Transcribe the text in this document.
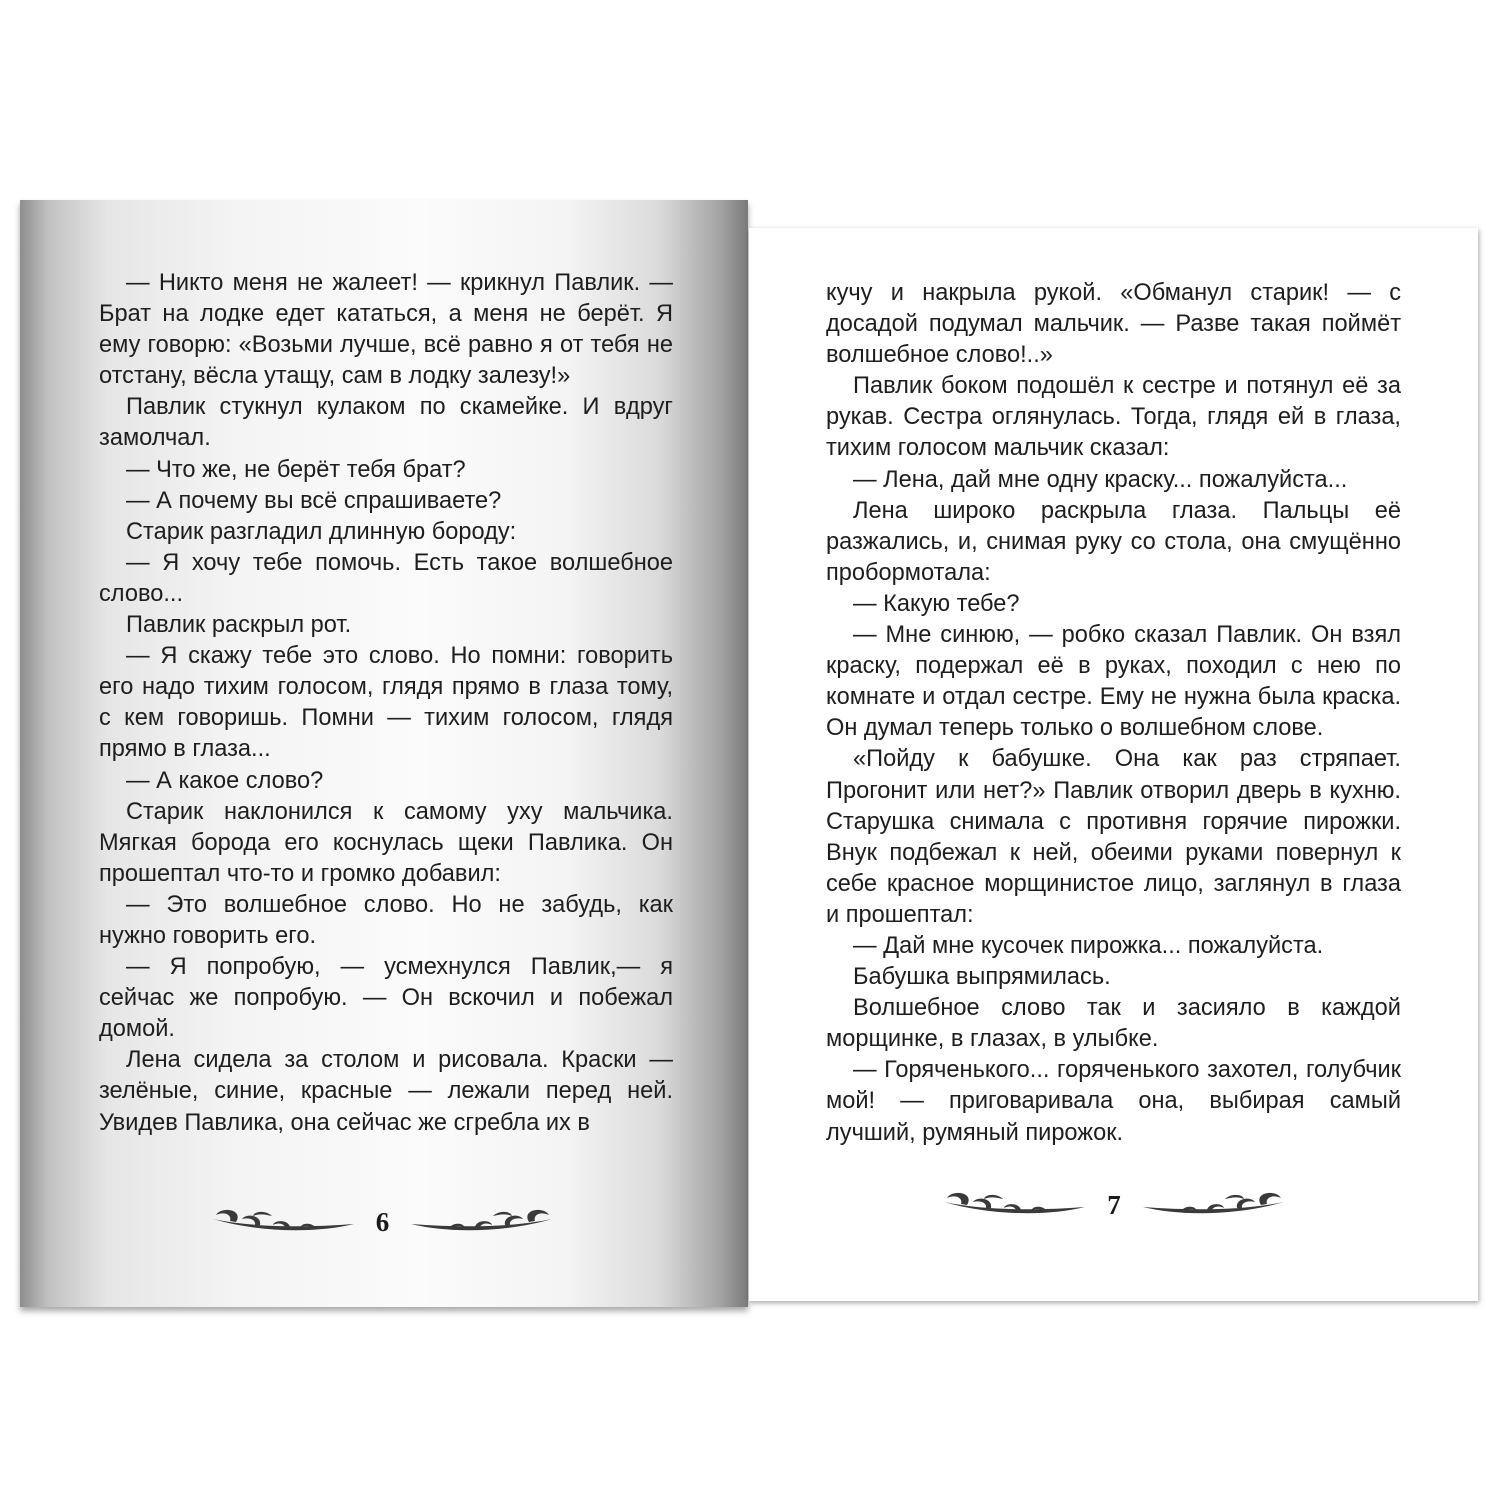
— Никто меня не жалеет! — крикнул Павлик. — Брат на лодке едет кататься, а меня не берёт. Я ему говорю: «Возьми лучше, всё равно я от тебя не отстану, вёсла утащу, сам в лодку залезу!»

Павлик стукнул кулаком по скамейке. И вдруг замолчал.

— Что же, не берёт тебя брат?

— А почему вы всё спрашиваете?

Старик разгладил длинную бороду:

— Я хочу тебе помочь. Есть такое волшебное слово...

Павлик раскрыл рот.

— Я скажу тебе это слово. Но помни: говорить его надо тихим голосом, глядя прямо в глаза тому, с кем говоришь. Помни — тихим голосом, глядя прямо в глаза...

— А какое слово?

Старик наклонился к самому уху мальчика. Мягкая борода его коснулась щеки Павлика. Он прошептал что-то и громко добавил:

— Это волшебное слово. Но не забудь, как нужно говорить его.

— Я попробую, — усмехнулся Павлик,— я сейчас же попробую. — Он вскочил и побежал домой.

Лена сидела за столом и рисовала. Краски — зелёные, синие, красные — лежали перед ней. Увидев Павлика, она сейчас же сгребла их в

6

кучу и накрыла рукой. «Обманул старик! — с досадой подумал мальчик. — Разве такая поймёт волшебное слово!..»

Павлик боком подошёл к сестре и потянул её за рукав. Сестра оглянулась. Тогда, глядя ей в глаза, тихим голосом мальчик сказал:

— Лена, дай мне одну краску... пожалуйста...

Лена широко раскрыла глаза. Пальцы её разжались, и, снимая руку со стола, она смущённо пробормотала:

— Какую тебе?

— Мне синюю, — робко сказал Павлик. Он взял краску, подержал её в руках, походил с нею по комнате и отдал сестре. Ему не нужна была краска. Он думал теперь только о волшебном слове.

«Пойду к бабушке. Она как раз стряпает. Прогонит или нет?» Павлик отворил дверь в кухню. Старушка снимала с противня горячие пирожки. Внук подбежал к ней, обеими руками повернул к себе красное морщинистое лицо, заглянул в глаза и прошептал:

— Дай мне кусочек пирожка... пожалуйста.

Бабушка выпрямилась.

Волшебное слово так и засияло в каждой морщинке, в глазах, в улыбке.

— Горяченького... горяченького захотел, голубчик мой! — приговаривала она, выбирая самый лучший, румяный пирожок.

7
